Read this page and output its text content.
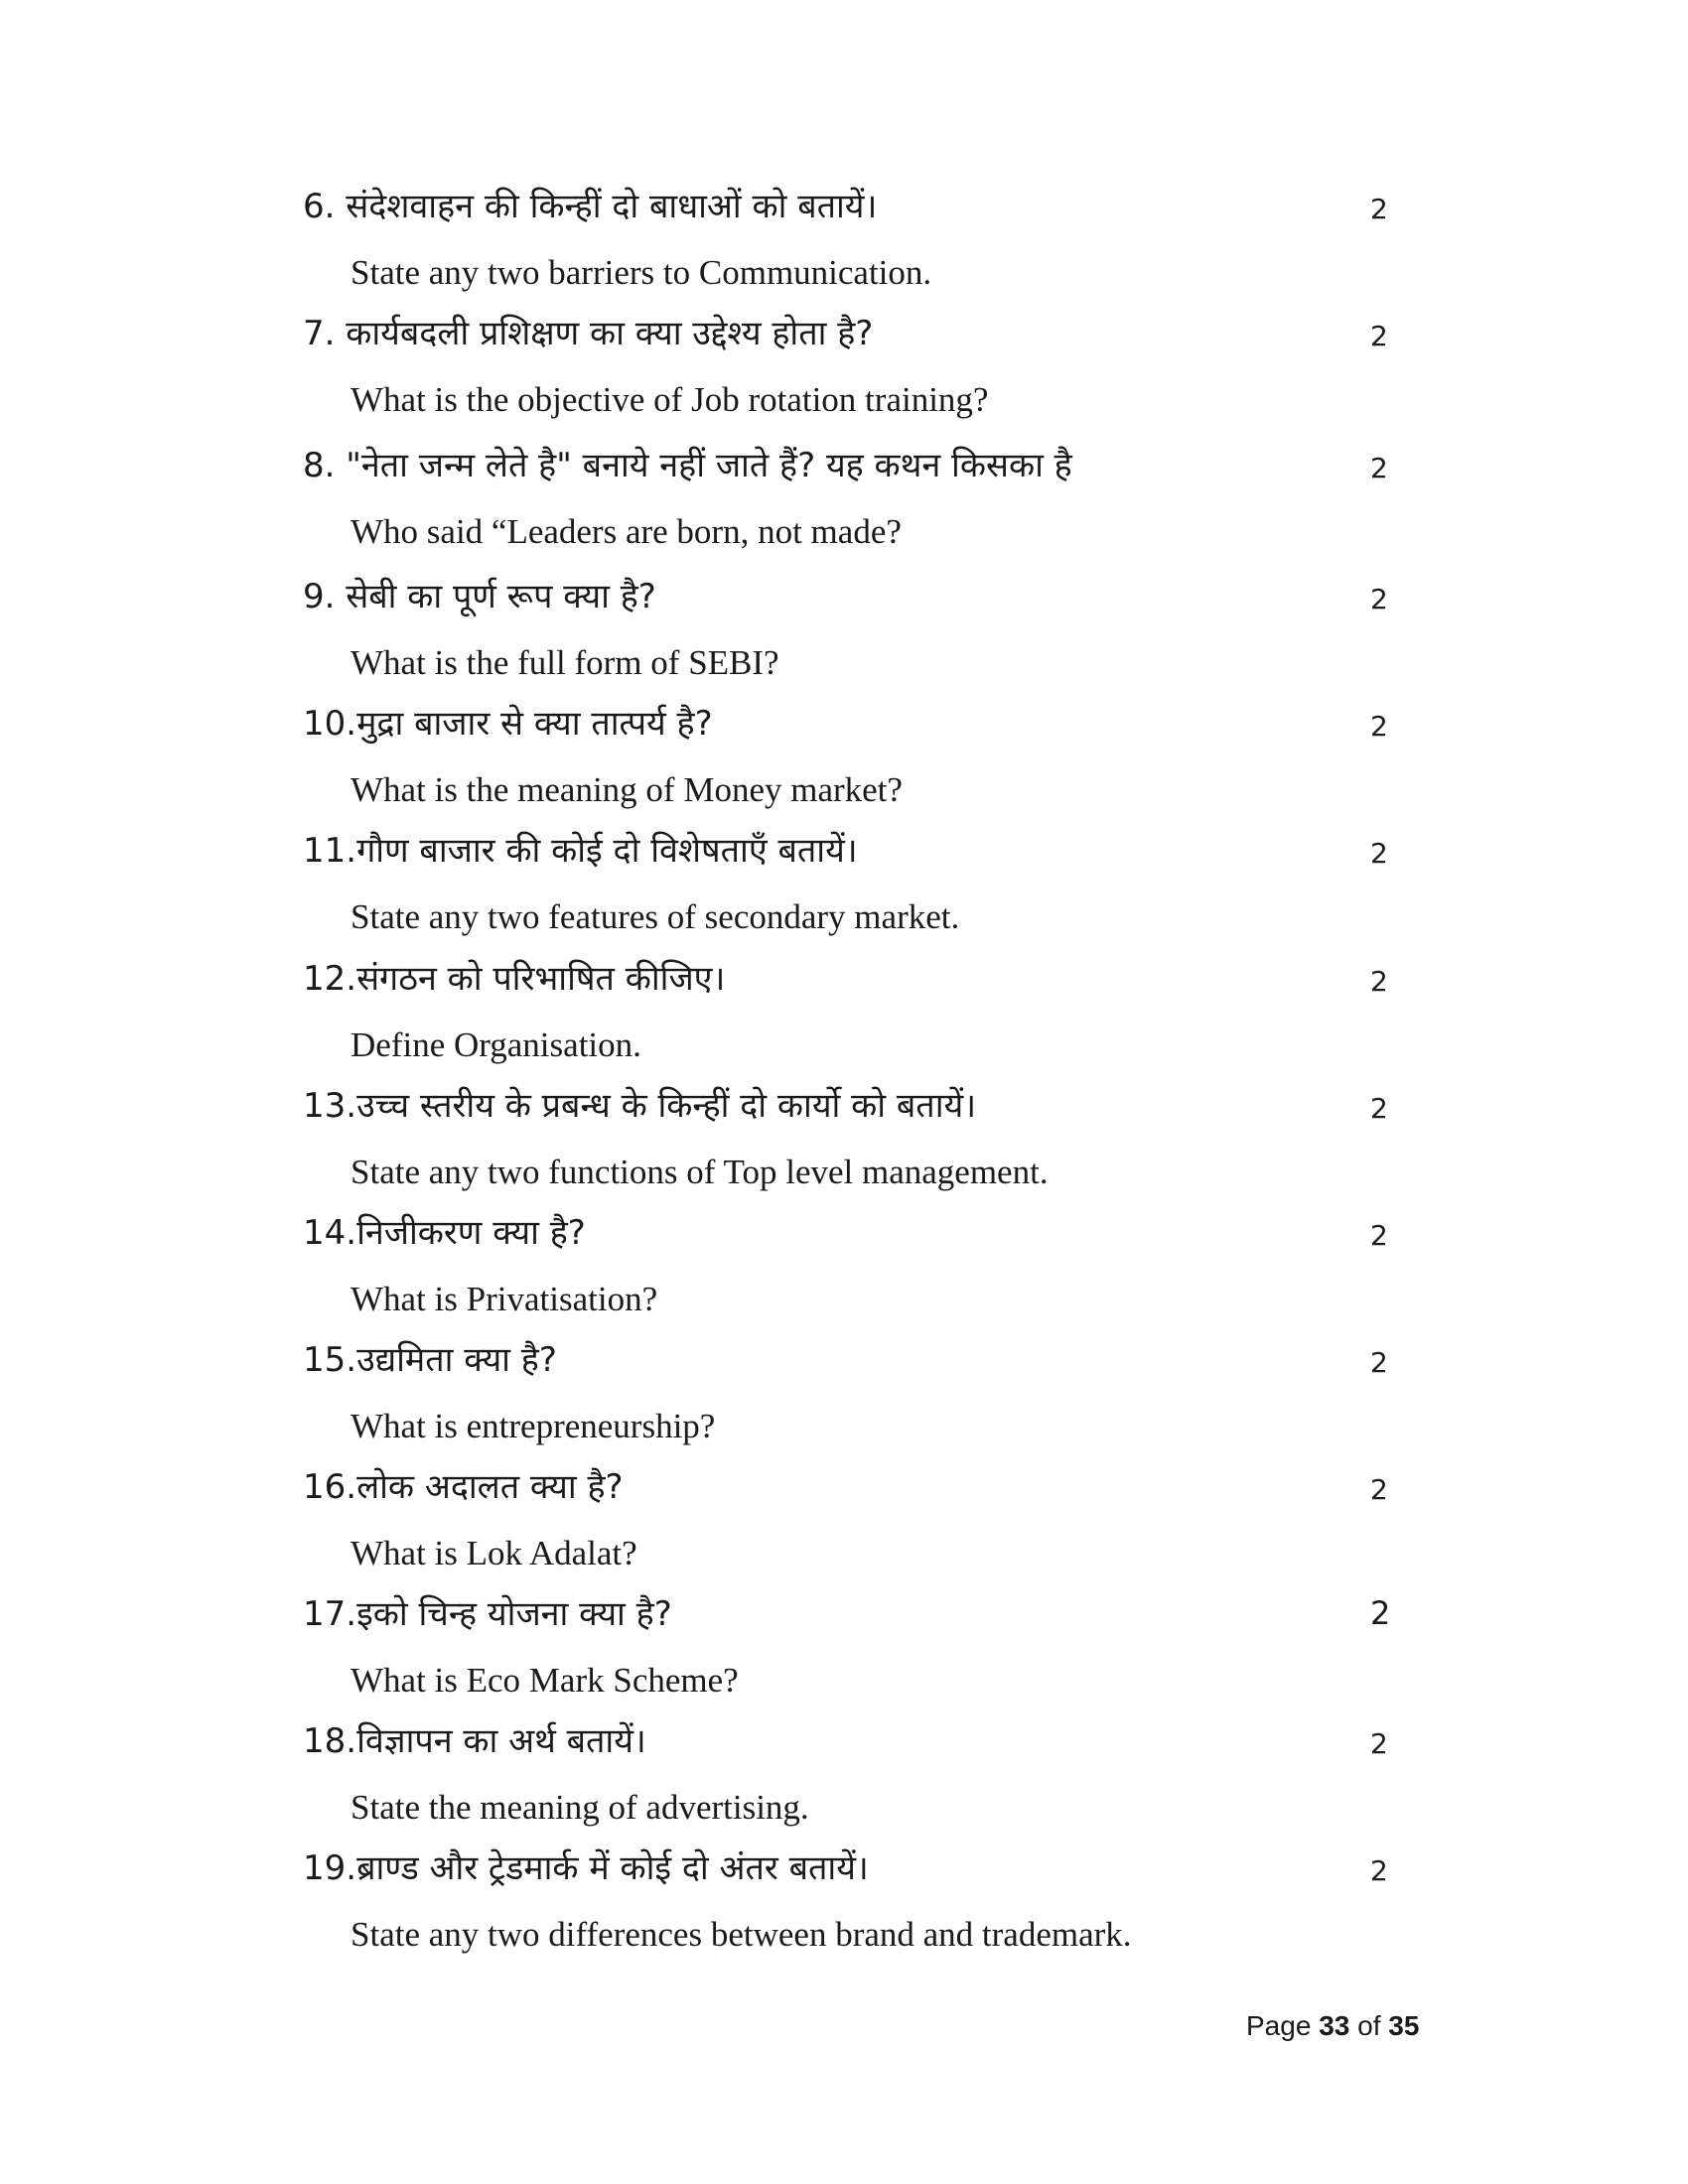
6. संदेशवाहन की किन्हीं दो बाधाओं को बतायें।	2
State any two barriers to Communication.
7. कार्यबदली प्रशिक्षण का क्या उद्देश्य होता है?	2
What is the objective of Job rotation training?
8. "नेता जन्म लेते है" बनाये नहीं जाते हैं? यह कथन किसका है	2
Who said “Leaders are born, not made?
9. सेबी का पूर्ण रूप क्या है?	2
What is the full form of SEBI?
10.मुद्रा बाजार से क्या तात्पर्य है?	2
What is the meaning of Money market?
11.गौण बाजार की कोई दो विशेषताएँ बतायें।	2
State any two features of secondary market.
12.संगठन को परिभाषित कीजिए।	2
Define Organisation.
13.उच्च स्तरीय के प्रबन्ध के किन्हीं दो कार्यो को बतायें।	2
State any two functions of Top level management.
14.निजीकरण क्या है?	2
What is Privatisation?
15.उद्यमिता क्या है?	2
What is entrepreneurship?
16.लोक अदालत क्या है?	2
What is Lok Adalat?
17.इको चिन्ह योजना क्या है?	2
What is Eco Mark Scheme?
18.विज्ञापन का अर्थ बतायें।	2
State the meaning of advertising.
19.ब्राण्ड और ट्रेडमार्क में कोई दो अंतर बतायें।	2
State any two differences between brand and trademark.
Page 33 of 35
